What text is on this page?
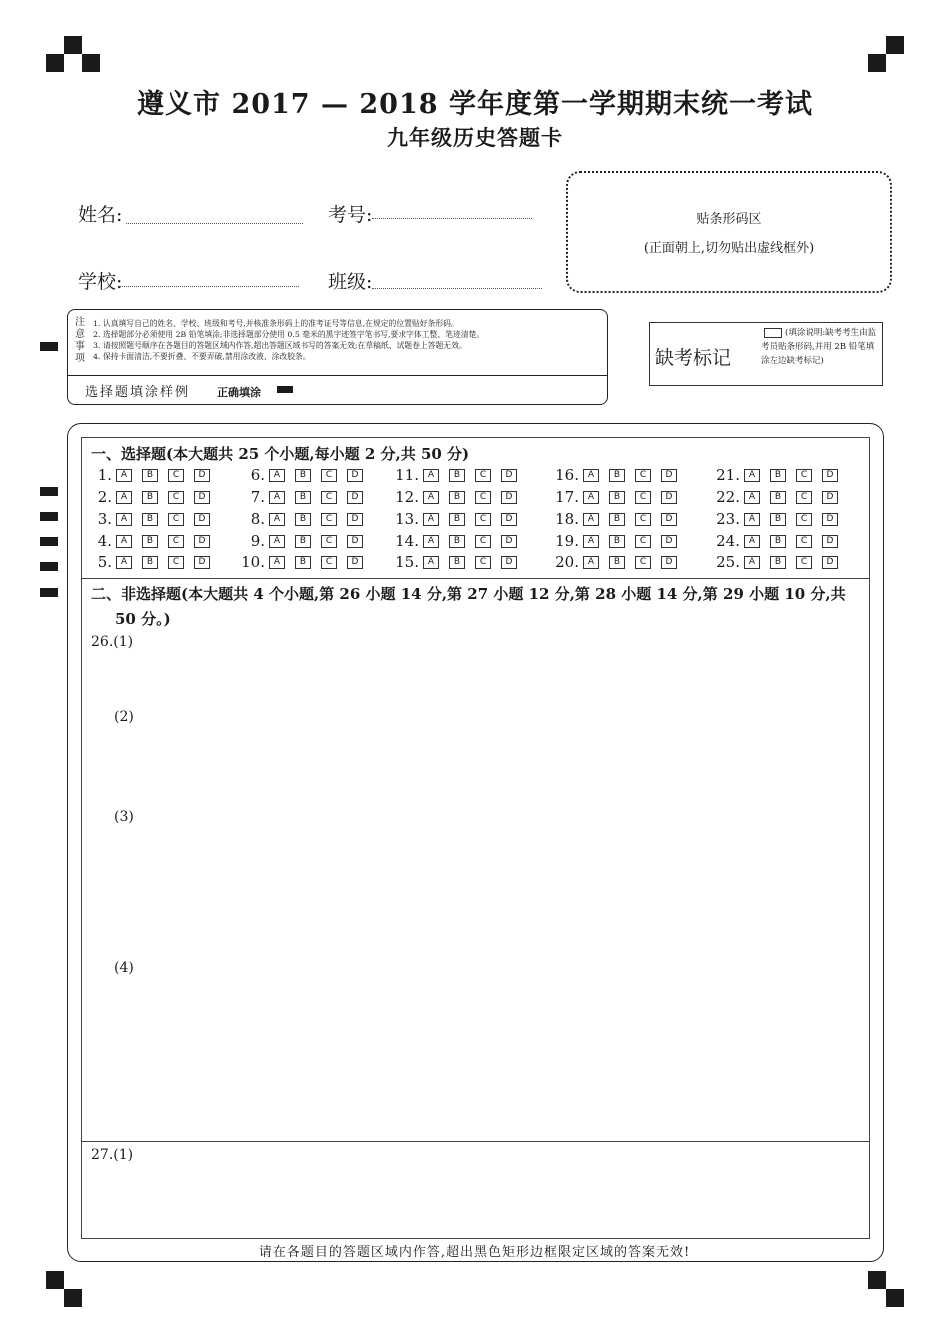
遵义市 2017 — 2018 学年度第一学期期末统一考试
九年级历史答题卡
姓名:	考号:
学校:	班级:
贴条形码区
(正面朝上,切勿贴出虚线框外)
注意事项
1. 认真填写自己的姓名、学校、班级和考号,并核准条形码上的准考证号等信息,在规定的位置贴好条形码。
2. 选择题部分必须使用 2B 铅笔填涂;非选择题部分使用 0.5 毫米的黑字迹签字笔书写,要求字体工整、笔迹清楚。
3. 请按照题号顺序在各题目的答题区域内作答,超出答题区域书写的答案无效;在草稿纸、试题卷上答题无效。
4. 保持卡面清洁,不要折叠、不要弄破,禁用涂改液、涂改胶条。
选择题填涂样例 正确填涂
缺考标记
(填涂说明:缺考考生由监考员贴条形码,并用 2B 铅笔填涂左边缺考标记)
一、选择题(本大题共 25 个小题,每小题 2 分,共 50 分)
1. A	B	C	D
2. A	B	C	D
3. A	B	C	D
4. A	B	C	D
5. A	B	C	D
6. A	B	C	D
7. A	B	C	D
8. A	B	C	D
9. A	B	C	D
10. A	B	C	D
11. A	B	C	D
12. A	B	C	D
13. A	B	C	D
14. A	B	C	D
15. A	B	C	D
16. A	B	C	D
17. A	B	C	D
18. A	B	C	D
19. A	B	C	D
20. A	B	C	D
21. A	B	C	D
22. A	B	C	D
23. A	B	C	D
24. A	B	C	D
25. A	B	C	D
二、非选择题(本大题共 4 个小题,第 26 小题 14 分,第 27 小题 12 分,第 28 小题 14 分,第 29 小题 10 分,共
50 分。)
26.(1)
(2)
(3)
(4)
27.(1)
请在各题目的答题区域内作答,超出黑色矩形边框限定区域的答案无效!
